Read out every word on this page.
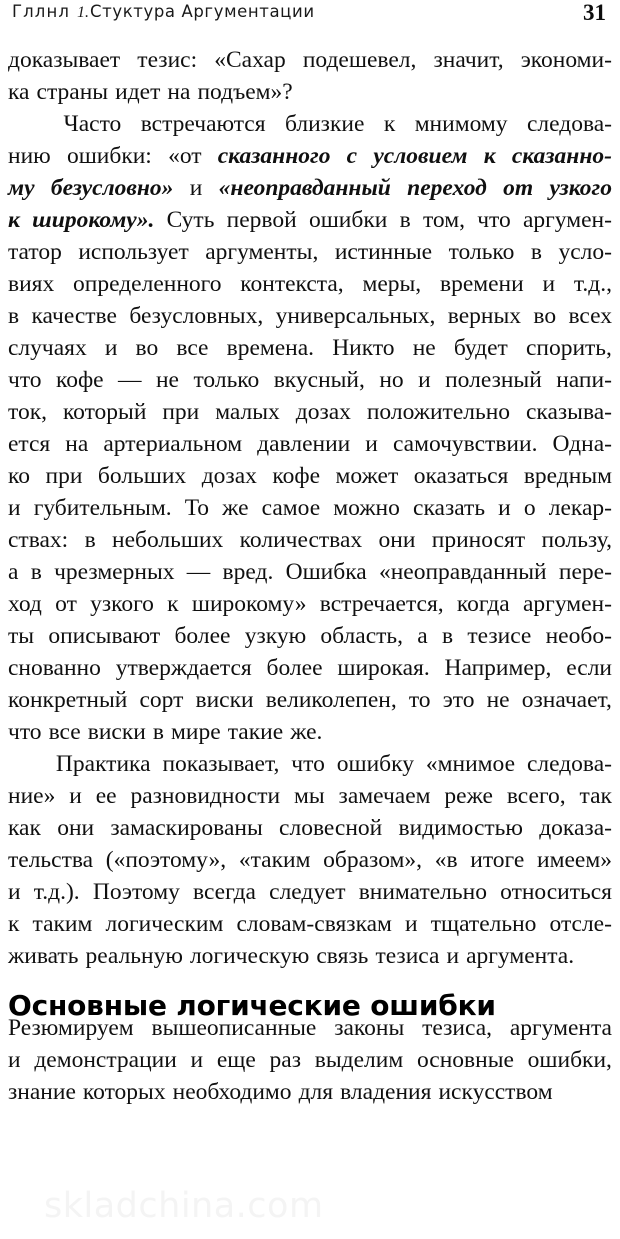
Гллнл 1.Стуктура Аргументации	31
доказывает тезис: «Сахар подешевел, значит, экономи-
ка страны идет на подъем»?
Часто встречаются близкие к мнимому следова-
нию ошибки: «от сказанного с условием к сказанно-
му безусловно» и «неоправданный переход от узкого
к широкому». Суть первой ошибки в том, что аргумен-
татор использует аргументы, истинные только в усло-
виях определенного контекста, меры, времени и т.д.,
в качестве безусловных, универсальных, верных во всех
случаях и во все времена. Никто не будет спорить,
что кофе — не только вкусный, но и полезный напи-
ток, который при малых дозах положительно сказыва-
ется на артериальном давлении и самочувствии. Одна-
ко при больших дозах кофе может оказаться вредным
и губительным. То же самое можно сказать и о лекар-
ствах: в небольших количествах они приносят пользу,
а в чрезмерных — вред. Ошибка «неоправданный пере-
ход от узкого к широкому» встречается, когда аргумен-
ты описывают более узкую область, а в тезисе необо-
снованно утверждается более широкая. Например, если
конкретный сорт виски великолепен, то это не означает,
что все виски в мире такие же.
Практика показывает, что ошибку «мнимое следова-
ние» и ее разновидности мы замечаем реже всего, так
как они замаскированы словесной видимостью доказа-
тельства («поэтому», «таким образом», «в итоге имеем»
и т.д.). Поэтому всегда следует внимательно относиться
к таким логическим словам-связкам и тщательно отсле-
живать реальную логическую связь тезиса и аргумента.
Основные логические ошибки
Резюмируем вышеописанные законы тезиса, аргумента
и демонстрации и еще раз выделим основные ошибки,
знание которых необходимо для владения искусством
skladchina.com
